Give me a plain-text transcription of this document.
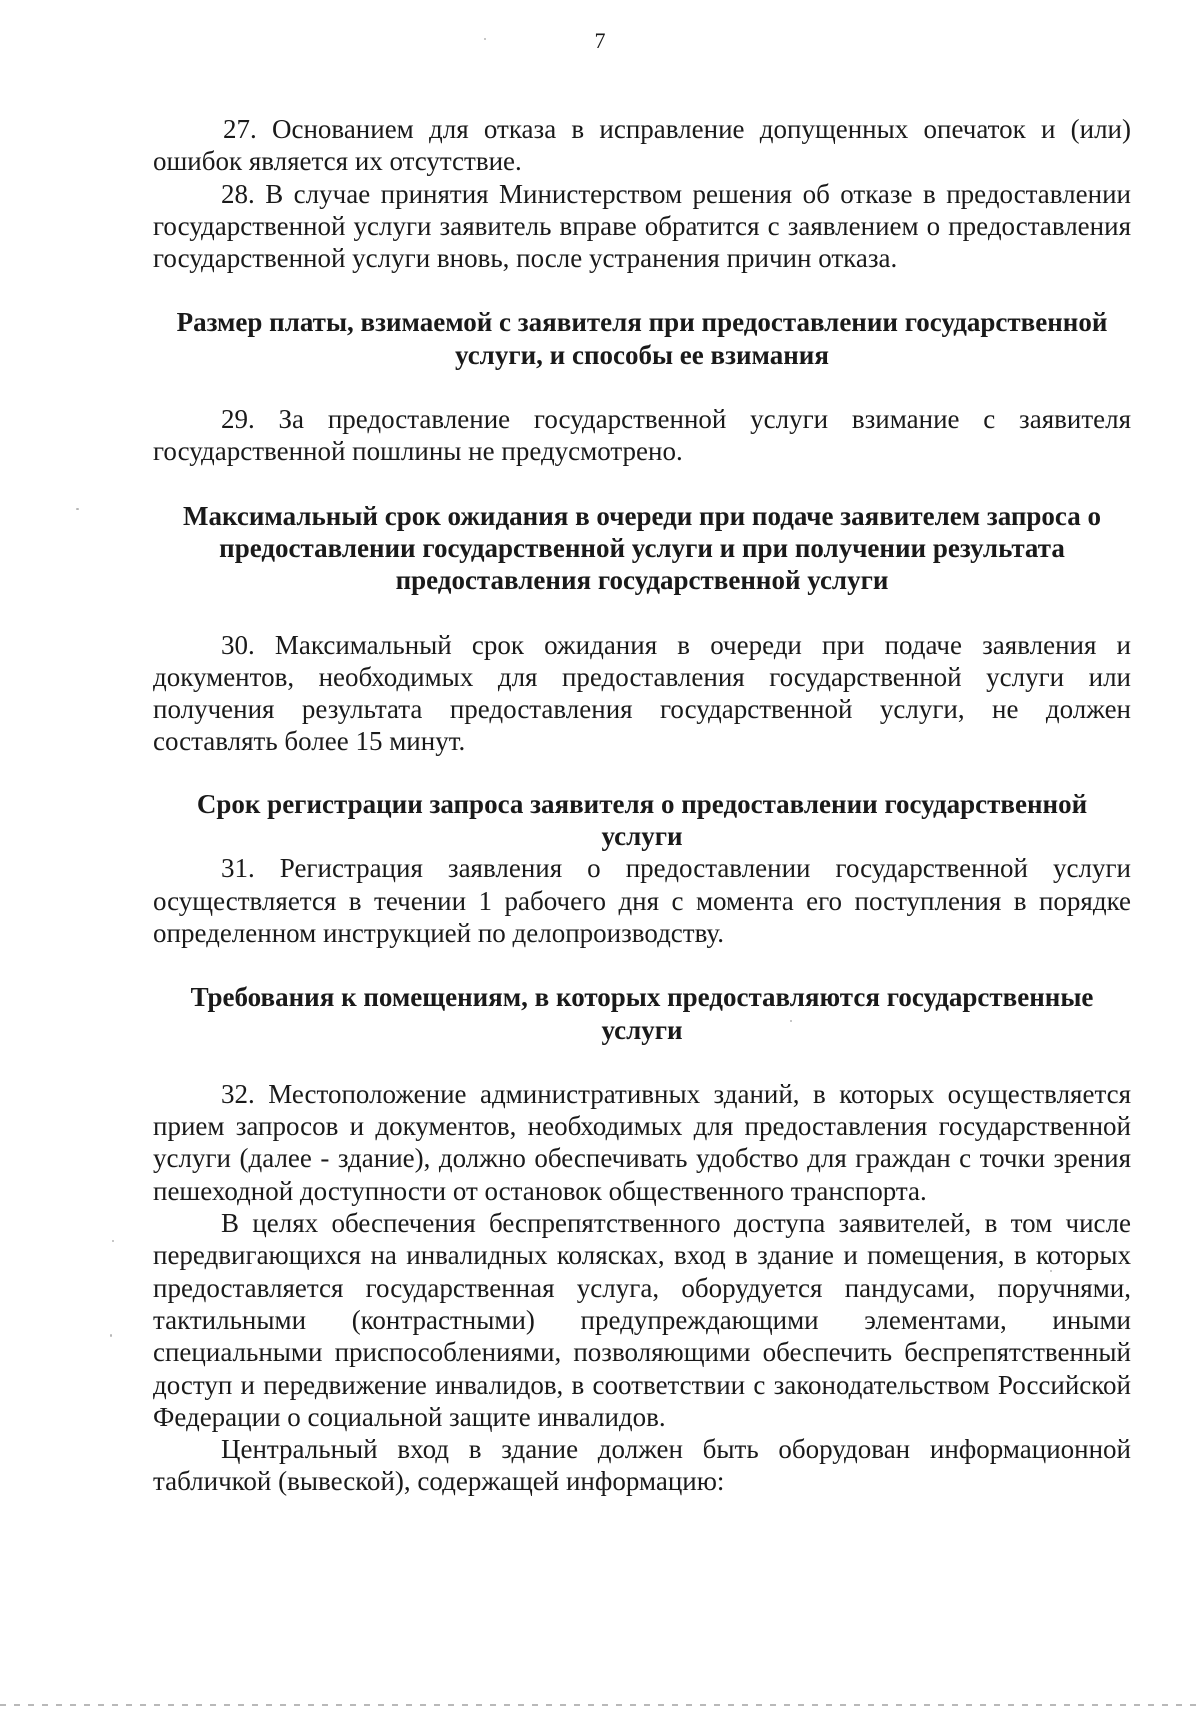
7

27. Основанием для отказа в исправление допущенных опечаток и (или) ошибок является их отсутствие.

28. В случае принятия Министерством решения об отказе в предоставлении государственной услуги заявитель вправе обратится с заявлением о предоставления государственной услуги вновь, после устранения причин отказа.

Размер платы, взимаемой с заявителя при предоставлении государственной услуги, и способы ее взимания

29. За предоставление государственной услуги взимание с заявителя государственной пошлины не предусмотрено.

Максимальный срок ожидания в очереди при подаче заявителем запроса о предоставлении государственной услуги и при получении результата предоставления государственной услуги

30. Максимальный срок ожидания в очереди при подаче заявления и документов, необходимых для предоставления государственной услуги или получения результата предоставления государственной услуги, не должен составлять более 15 минут.

Срок регистрации запроса заявителя о предоставлении государственной услуги

31. Регистрация заявления о предоставлении государственной услуги осуществляется в течении 1 рабочего дня с момента его поступления в порядке определенном инструкцией по делопроизводству.

Требования к помещениям, в которых предоставляются государственные услуги

32. Местоположение административных зданий, в которых осуществляется прием запросов и документов, необходимых для предоставления государственной услуги (далее - здание), должно обеспечивать удобство для граждан с точки зрения пешеходной доступности от остановок общественного транспорта.

В целях обеспечения беспрепятственного доступа заявителей, в том числе передвигающихся на инвалидных колясках, вход в здание и помещения, в которых предоставляется государственная услуга, оборудуется пандусами, поручнями, тактильными (контрастными) предупреждающими элементами, иными специальными приспособлениями, позволяющими обеспечить беспрепятственный доступ и передвижение инвалидов, в соответствии с законодательством Российской Федерации о социальной защите инвалидов.

Центральный вход в здание должен быть оборудован информационной табличкой (вывеской), содержащей информацию:
